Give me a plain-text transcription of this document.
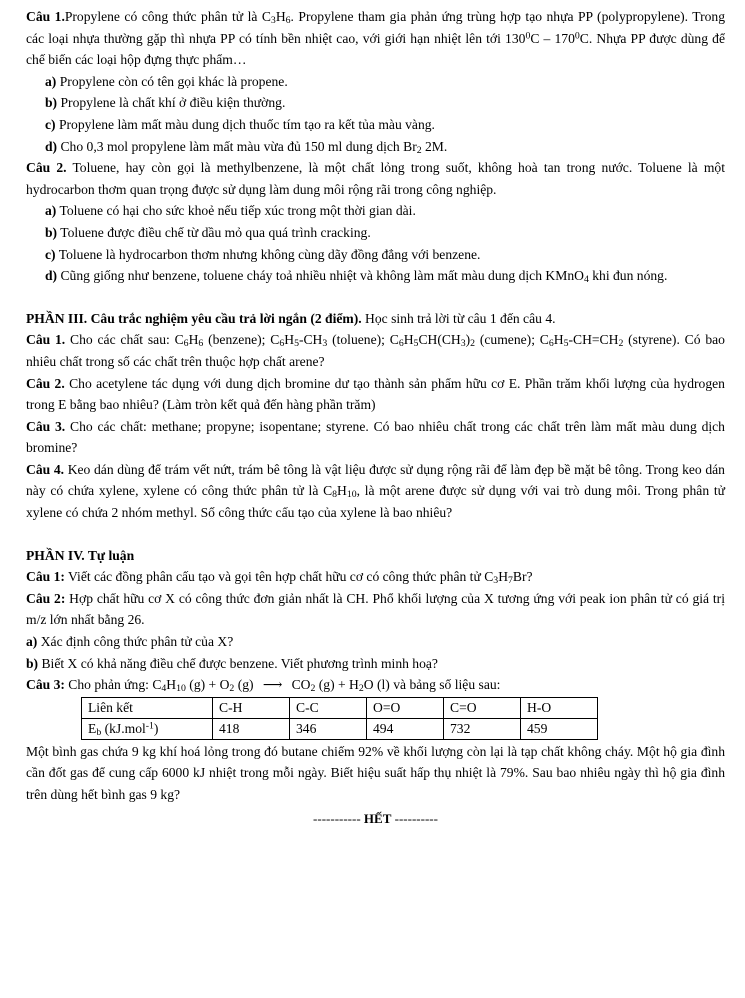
Câu 1.Propylene có công thức phân tử là $C_3H_6$. Propylene tham gia phản ứng trùng hợp tạo nhựa PP (polypropylene). Trong các loại nhựa thường gặp thì nhựa PP có tính bền nhiệt cao, với giới hạn nhiệt lên tới $130^0C - 170^0C$. Nhựa PP được dùng để chế biến các loại hộp đựng thực phẩm…

a) Propylene còn có tên gọi khác là propene.

b) Propylene là chất khí ở điều kiện thường.

c) Propylene làm mất màu dung dịch thuốc tím tạo ra kết tủa màu vàng.

d) Cho 0,3 mol propylene làm mất màu vừa đủ 150 ml dung dịch $Br_2$ 2M.

Câu 2. Toluene, hay còn gọi là methylbenzene, là một chất lỏng trong suốt, không hoà tan trong nước. Toluene là một hydrocarbon thơm quan trọng được sử dụng làm dung môi rộng rãi trong công nghiệp.

a) Toluene có hại cho sức khoẻ nếu tiếp xúc trong một thời gian dài.

b) Toluene được điều chế từ dầu mỏ qua quá trình cracking.

c) Toluene là hydrocarbon thơm nhưng không cùng dãy đồng đẳng với benzene.

d) Cũng giống như benzene, toluene cháy toả nhiều nhiệt và không làm mất màu dung dịch KMnO$_4$ khi đun nóng.

PHẦN III. Câu trắc nghiệm yêu cầu trả lời ngắn (2 điểm). Học sinh trả lời từ câu 1 đến câu 4.

Câu 1. Cho các chất sau: $C_6H_6$ (benzene); $C_6H_5-CH_3$ (toluene); $C_6H_5CH(CH_3)_2$ (cumene); $C_6H_5-CH=CH_2$ (styrene). Có bao nhiêu chất trong số các chất trên thuộc hợp chất arene?

Câu 2. Cho acetylene tác dụng với dung dịch bromine dư tạo thành sản phẩm hữu cơ E. Phần trăm khối lượng của hydrogen trong E bằng bao nhiêu? (Làm tròn kết quả đến hàng phần trăm)

Câu 3. Cho các chất: methane; propyne; isopentane; styrene. Có bao nhiêu chất trong các chất trên làm mất màu dung dịch bromine?

Câu 4. Keo dán dùng để trám vết nứt, trám bê tông là vật liệu được sử dụng rộng rãi để làm đẹp bề mặt bê tông. Trong keo dán này có chứa xylene, xylene có công thức phân tử là $C_8H_{10}$, là một arene được sử dụng với vai trò dung môi. Trong phân tử xylene có chứa 2 nhóm methyl. Số công thức cấu tạo của xylene là bao nhiêu?

PHẦN IV. Tự luận

Câu 1: Viết các đồng phân cấu tạo và gọi tên hợp chất hữu cơ có công thức phân tử $C_3H_7Br$?

Câu 2: Hợp chất hữu cơ X có công thức đơn giản nhất là CH. Phổ khối lượng của X tương ứng với peak ion phân tử có giá trị m/z lớn nhất bằng 26.

a) Xác định công thức phân tử của X?

b) Biết X có khả năng điều chế được benzene. Viết phương trình minh hoạ?

Câu 3: Cho phản ứng: $C_4H_{10}$ $(g) + O_2$ (g) ⟶ $CO_2$ $(g) + H_2O$ (l) và bảng số liệu sau:

Liên kết	C-H	C-C	O=O	C=O	H-O
$E_b$ (kJ.mol$^{-1}$)	418	346	494	732	459

Một bình gas chứa 9 kg khí hoá lỏng trong đó butane chiếm 92% về khối lượng còn lại là tạp chất không cháy. Một hộ gia đình cần đốt gas để cung cấp 6000 kJ nhiệt trong mỗi ngày. Biết hiệu suất hấp thụ nhiệt là 79%. Sau bao nhiêu ngày thì hộ gia đình trên dùng hết bình gas 9 kg?

----------- HẾT ----------
